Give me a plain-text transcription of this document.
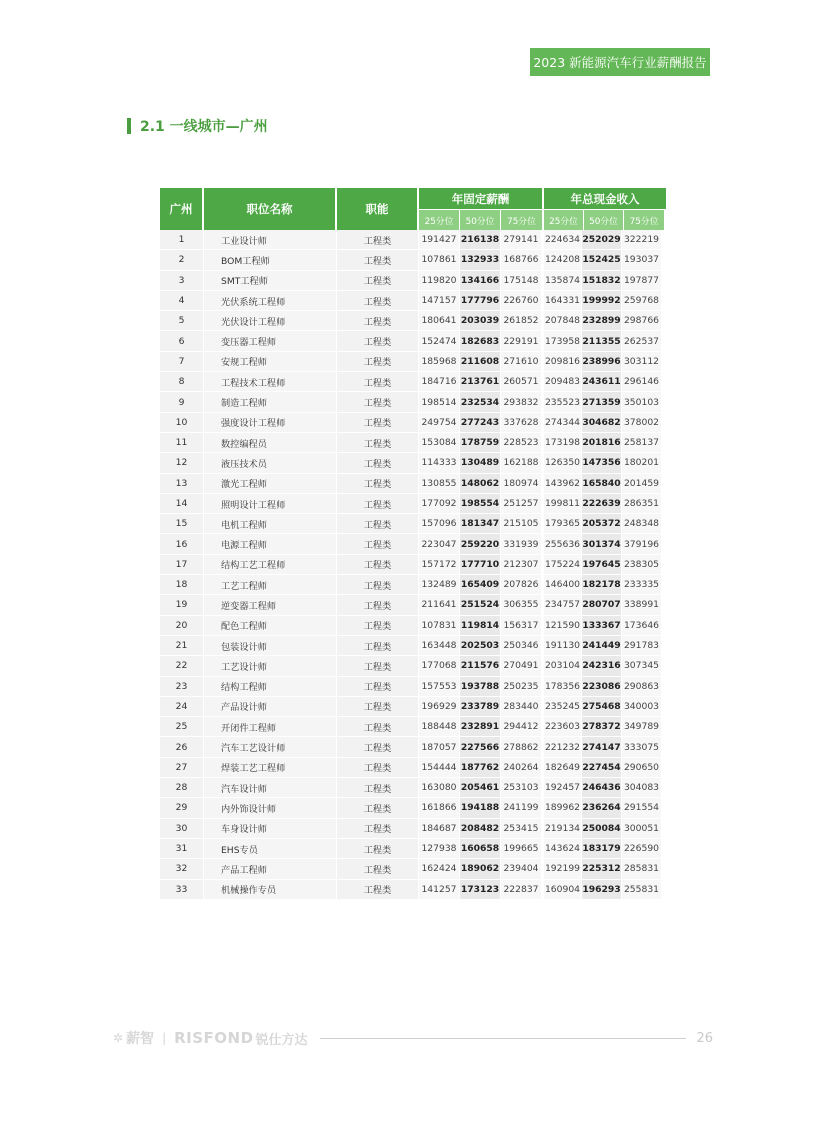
2023 新能源汽车行业薪酬报告
2.1 一线城市—广州
广州	职位名称	职能
年固定薪酬
25分位	50分位	75分位
年总现金收入
25分位	50分位	75分位
1	工业设计师	工程类	191427 216138 279141 224634 252029 322219
2	BOM工程师	工程类	107861 132933 168766 124208 152425 193037
3	SMT工程师	工程类	119820 134166 175148 135874 151832 197877
4	光伏系统工程师	工程类	147157 177796 226760 164331 199992 259768
5	光伏设计工程师	工程类	180641 203039 261852 207848 232899 298766
6	变压器工程师	工程类	152474 182683 229191 173958 211355 262537
7	安规工程师	工程类	185968 211608 271610 209816 238996 303112
8	工程技术工程师	工程类	184716 213761 260571 209483 243611 296146
9	制造工程师	工程类	198514 232534 293832 235523 271359 350103
10	强度设计工程师	工程类	249754 277243 337628 274344 304682 378002
11	数控编程员	工程类	153084 178759 228523 173198 201816 258137
12	液压技术员	工程类	114333 130489 162188 126350 147356 180201
13	激光工程师	工程类	130855 148062 180974 143962 165840 201459
14	照明设计工程师	工程类	177092 198554 251257 199811 222639 286351
15	电机工程师	工程类	157096 181347 215105 179365 205372 248348
16	电源工程师	工程类	223047 259220 331939 255636 301374 379196
17	结构工艺工程师	工程类	157172 177710 212307 175224 197645 238305
18	工艺工程师	工程类	132489 165409 207826 146400 182178 233335
19	逆变器工程师	工程类	211641 251524 306355 234757 280707 338991
20	配色工程师	工程类	107831 119814 156317 121590 133367 173646
21	包装设计师	工程类	163448 202503 250346 191130 241449 291783
22	工艺设计师	工程类	177068 211576 270491 203104 242316 307345
23	结构工程师	工程类	157553 193788 250235 178356 223086 290863
24	产品设计师	工程类	196929 233789 283440 235245 275468 340003
25	开闭件工程师	工程类	188448 232891 294412 223603 278372 349789
26	汽车工艺设计师	工程类	187057 227566 278862 221232 274147 333075
27	焊装工艺工程师	工程类	154444 187762 240264 182649 227454 290650
28	汽车设计师	工程类	163080 205461 253103 192457 246436 304083
29	内外饰设计师	工程类	161866 194188 241199 189962 236264 291554
30	车身设计师	工程类	184687 208482 253415 219134 250084 300051
31	EHS专员	工程类	127938 160658 199665 143624 183179 226590
32	产品工程师	工程类	162424 189062 239404 192199 225312 285831
33	机械操作专员	工程类	141257 173123 222837 160904 196293 255831
✲ 薪智 | RISFOND 锐仕方达	26
